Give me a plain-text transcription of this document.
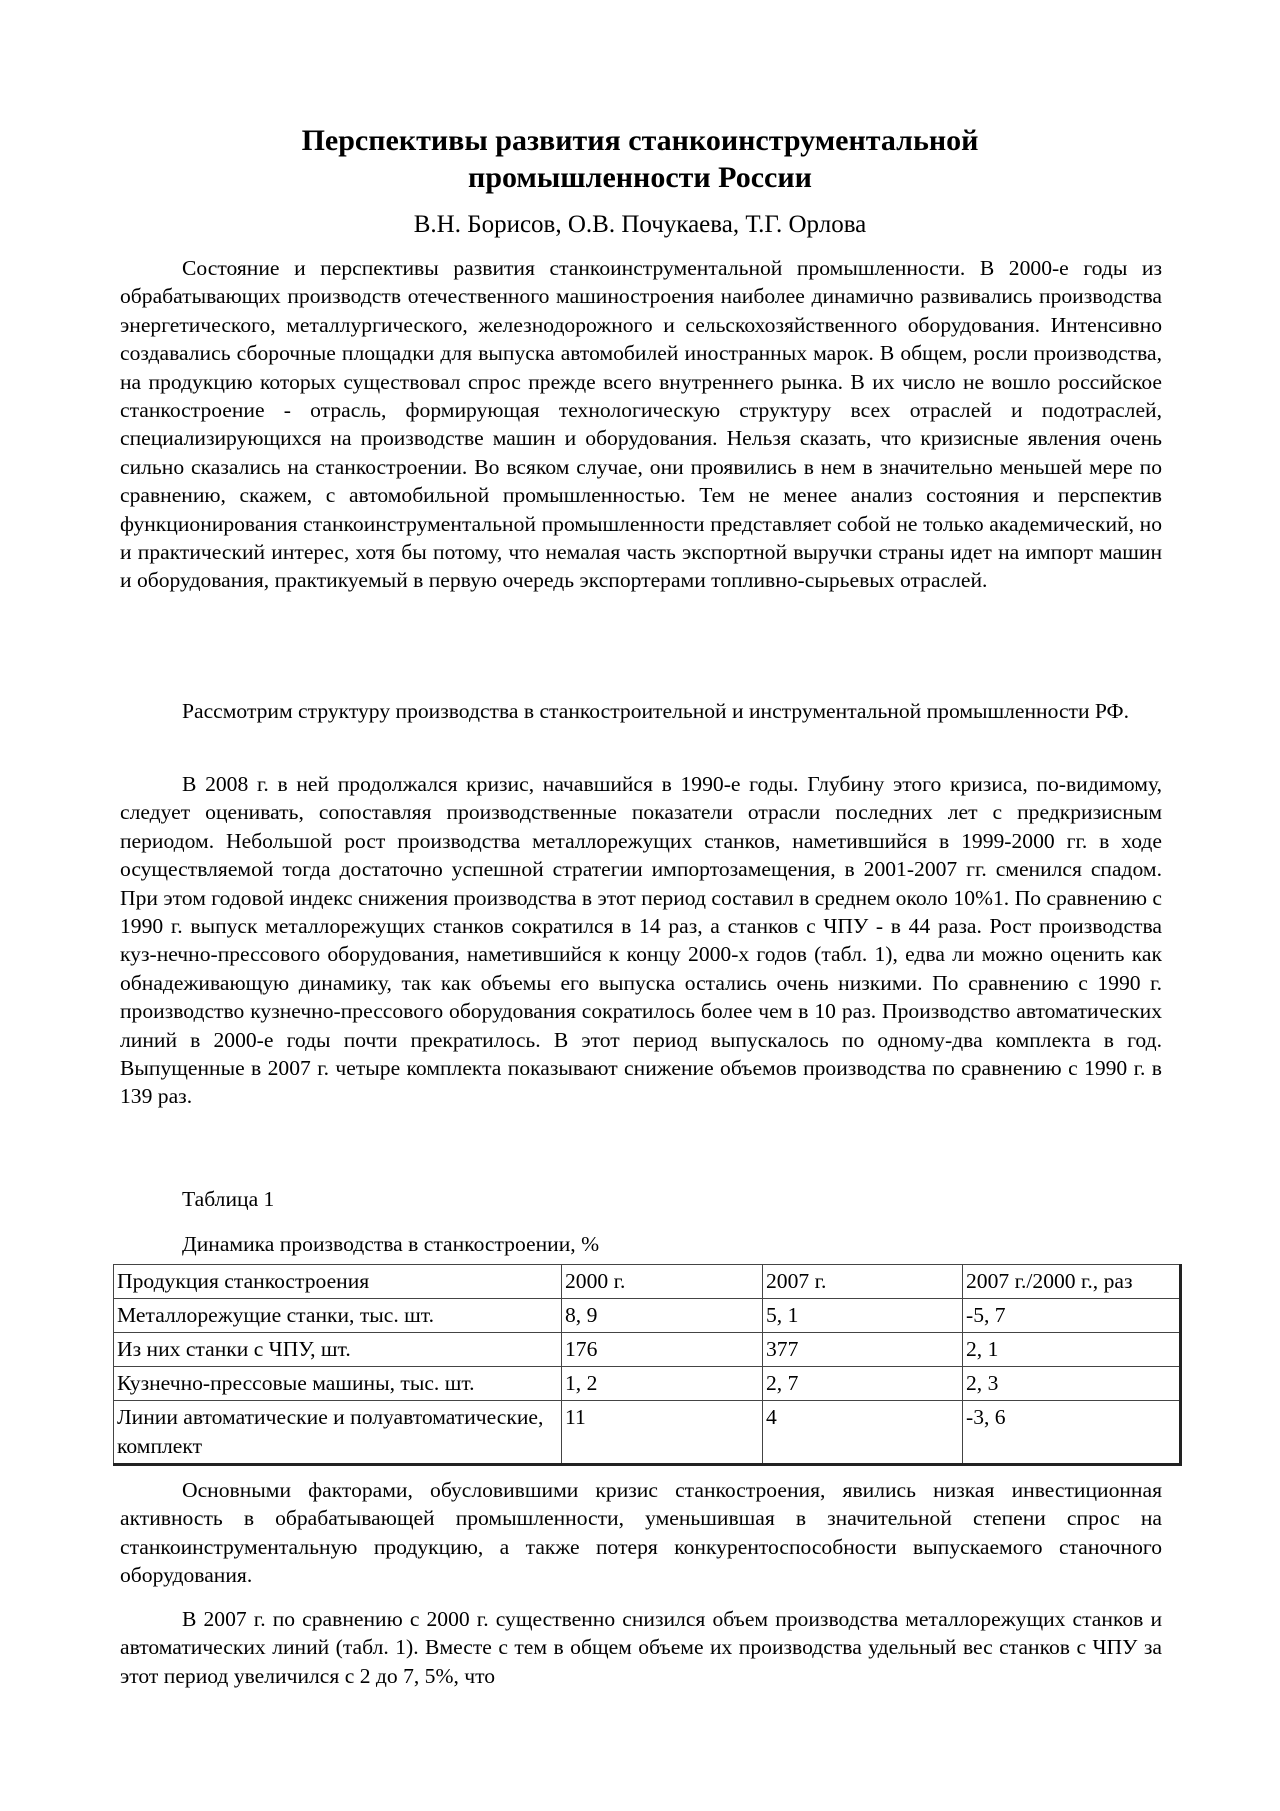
Перспективы развития станкоинструментальной
промышленности России

В.Н. Борисов, О.В. Почукаева, Т.Г. Орлова

Состояние и перспективы развития станкоинструментальной промышленности. В 2000-е годы из обрабатывающих производств отечественного машиностроения наиболее динамично развивались производства энергетического, металлургического, железнодорожного и сельскохозяйственного оборудования. Интенсивно создавались сборочные площадки для выпуска автомобилей иностранных марок. В общем, росли производства, на продукцию которых существовал спрос прежде всего внутреннего рынка. В их число не вошло российское станкостроение - отрасль, формирующая технологическую структуру всех отраслей и подотраслей, специализирующихся на производстве машин и оборудования. Нельзя сказать, что кризисные явления очень сильно сказались на станкостроении. Во всяком случае, они проявились в нем в значительно меньшей мере по сравнению, скажем, с автомобильной промышленностью. Тем не менее анализ состояния и перспектив функционирования станкоинструментальной промышленности представляет собой не только академический, но и практический интерес, хотя бы потому, что немалая часть экспортной выручки страны идет на импорт машин и оборудования, практикуемый в первую очередь экспортерами топливно-сырьевых отраслей.

Рассмотрим структуру производства в станкостроительной и инструментальной промышленности РФ.

В 2008 г. в ней продолжался кризис, начавшийся в 1990-е годы. Глубину этого кризиса, по-видимому, следует оценивать, сопоставляя производственные показатели отрасли последних лет с предкризисным периодом. Небольшой рост производства металлорежущих станков, наметившийся в 1999-2000 гг. в ходе осуществляемой тогда достаточно успешной стратегии импортозамещения, в 2001-2007 гг. сменился спадом. При этом годовой индекс снижения производства в этот период составил в среднем около 10%1. По сравнению с 1990 г. выпуск металлорежущих станков сократился в 14 раз, а станков с ЧПУ - в 44 раза. Рост производства куз-нечно-прессового оборудования, наметившийся к концу 2000-х годов (табл. 1), едва ли можно оценить как обнадеживающую динамику, так как объемы его выпуска остались очень низкими. По сравнению с 1990 г. производство кузнечно-прессового оборудования сократилось более чем в 10 раз. Производство автоматических линий в 2000-е годы почти прекратилось. В этот период выпускалось по одному-два комплекта в год. Выпущенные в 2007 г. четыре комплекта показывают снижение объемов производства по сравнению с 1990 г. в 139 раз.

Таблица 1

Динамика производства в станкостроении, %

Продукция станкостроения	2000 г.	2007 г.	2007 г./2000 г., раз
Металлорежущие станки, тыс. шт.	8, 9	5, 1	-5, 7
Из них станки с ЧПУ, шт.	176	377	2, 1
Кузнечно-прессовые машины, тыс. шт.	1, 2	2, 7	2, 3
Линии автоматические и полуавтоматические, комплект	11	4	-3, 6

Основными факторами, обусловившими кризис станкостроения, явились низкая инвестиционная активность в обрабатывающей промышленности, уменьшившая в значительной степени спрос на станкоинструментальную продукцию, а также потеря конкурентоспособности выпускаемого станочного оборудования.

В 2007 г. по сравнению с 2000 г. существенно снизился объем производства металлорежущих станков и автоматических линий (табл. 1). Вместе с тем в общем объеме их производства удельный вес станков с ЧПУ за этот период увеличился с 2 до 7, 5%, что
